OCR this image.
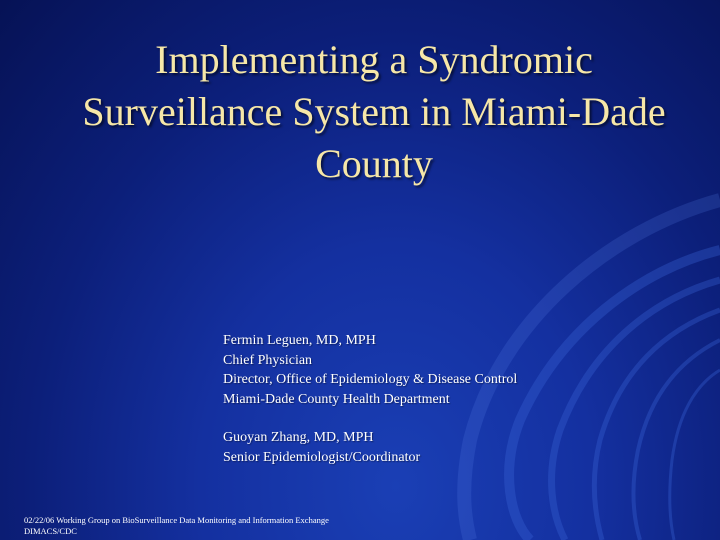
Implementing a Syndromic
Surveillance System in Miami-Dade
County
Fermin Leguen, MD, MPH
Chief Physician
Director, Office of Epidemiology & Disease Control
Miami-Dade County Health Department
Guoyan Zhang, MD, MPH
Senior Epidemiologist/Coordinator
02/22/06 Working Group on BioSurveillance Data Monitoring and Information Exchange
DIMACS/CDC
